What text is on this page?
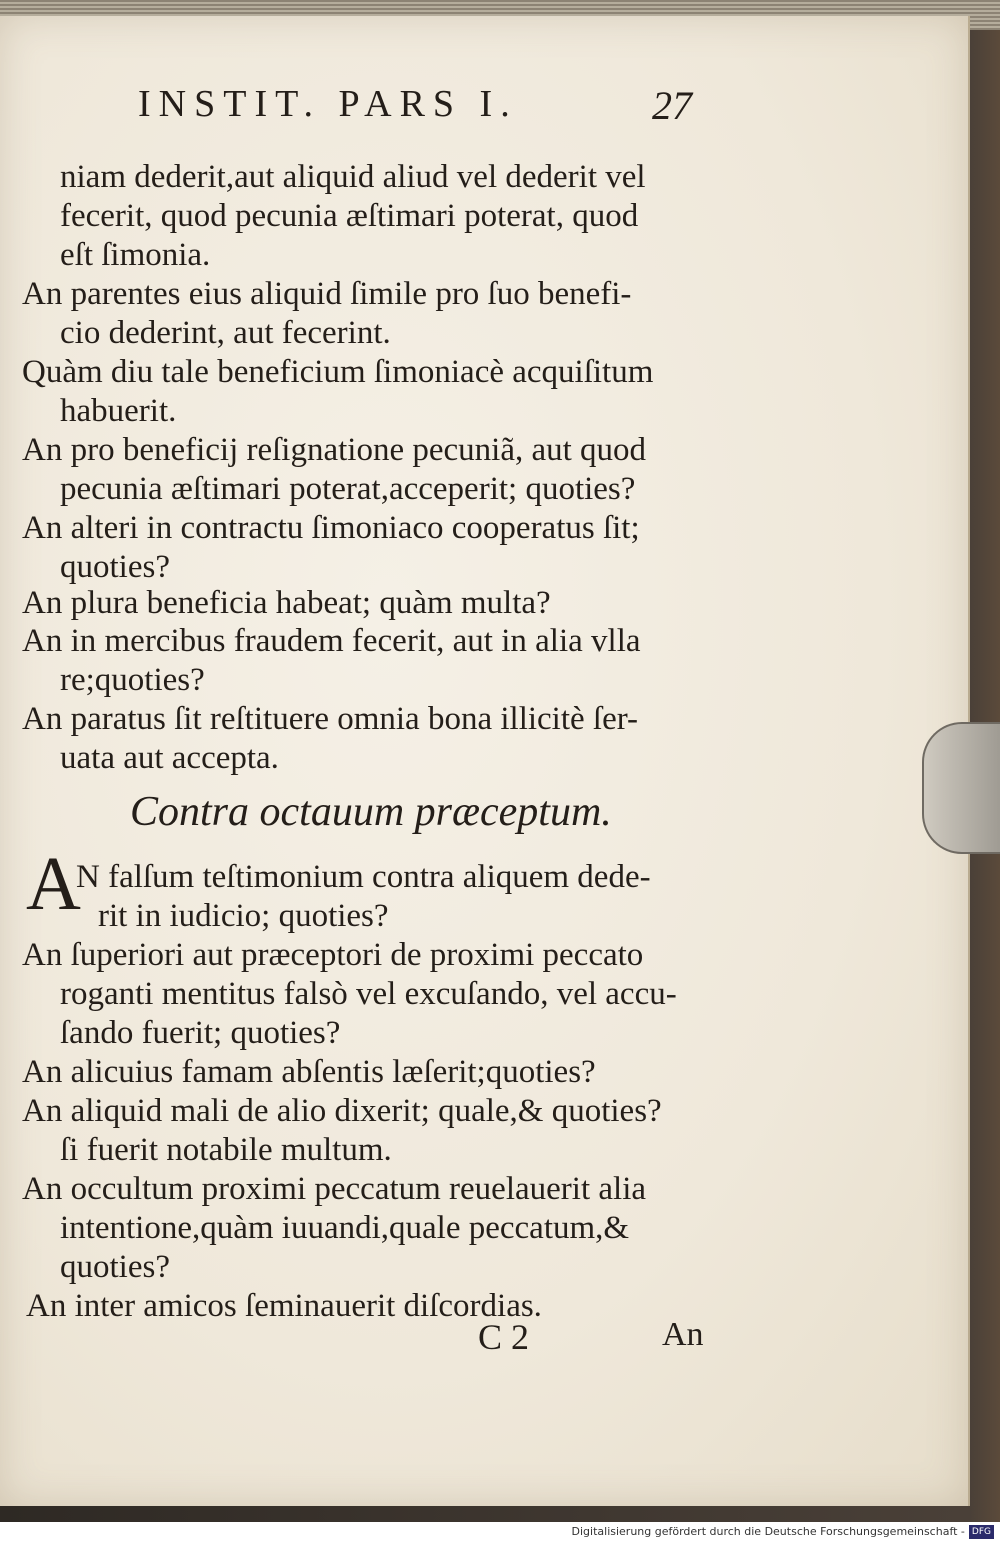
INSTIT. PARS I.	27
niam dederit,aut aliquid aliud vel dederit vel
fecerit, quod pecunia æſtimari poterat, quod
eſt ſimonia.
An parentes eius aliquid ſimile pro ſuo benefi-
cio dederint, aut fecerint.
Quàm diu tale beneficium ſimoniacè acquiſitum
habuerit.
An pro beneficij reſignatione pecuniã, aut quod
pecunia æſtimari poterat,acceperit; quoties?
An alteri in contractu ſimoniaco cooperatus ſit;
quoties?
An plura beneficia habeat; quàm multa?
An in mercibus fraudem fecerit, aut in alia vlla
re;quoties?
An paratus ſit reſtituere omnia bona illicitè ſer-
uata aut accepta.
Contra octauum præceptum.
A
N falſum teſtimonium contra aliquem dede-
rit in iudicio; quoties?
An ſuperiori aut præceptori de proximi peccato
roganti mentitus falsò vel excuſando, vel accu-
ſando fuerit; quoties?
An alicuius famam abſentis læſerit;quoties?
An aliquid mali de alio dixerit; quale,& quoties?
ſi fuerit notabile multum.
An occultum proximi peccatum reuelauerit alia
intentione,quàm iuuandi,quale peccatum,&
quoties?
An inter amicos ſeminauerit diſcordias.
C 2	An
Digitalisierung gefördert durch die Deutsche Forschungsgemeinschaft - DFG
